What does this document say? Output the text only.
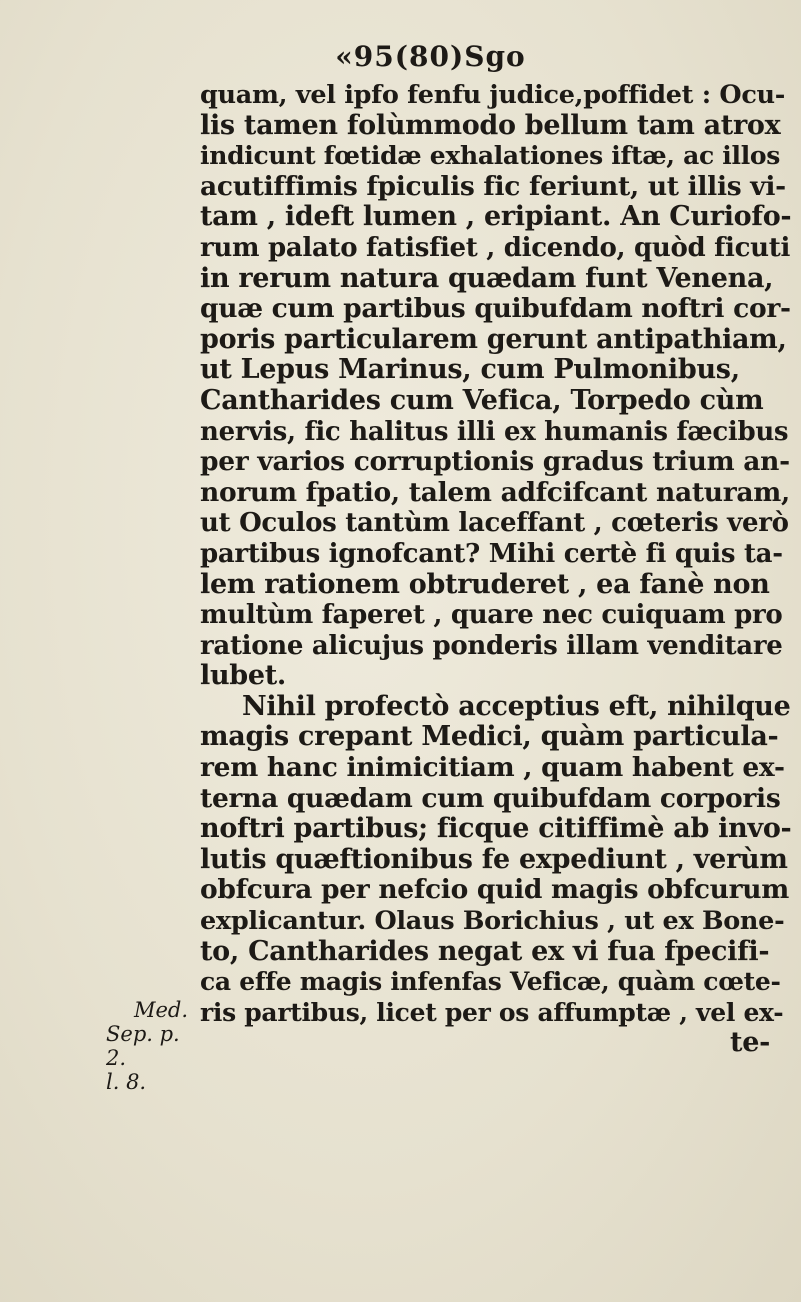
«95(80)Sgo
Med.
Sep. p. 2.
l. 8.
quam, vel ipfo fenfu judice,poffidet : Ocu-
lis tamen folùmmodo bellum tam atrox
indicunt fœtidæ exhalationes iftæ, ac illos
acutiffimis fpiculis fic feriunt, ut illis vi-
tam , ideft lumen , eripiant. An Curiofo-
rum palato fatisfiet , dicendo, quòd ficuti
in rerum natura quædam funt Venena,
quæ cum partibus quibufdam noftri cor-
poris particularem gerunt antipathiam,
ut Lepus Marinus, cum Pulmonibus,
Cantharides cum Vefica, Torpedo cùm
nervis, fic halitus illi ex humanis fæcibus
per varios corruptionis gradus trium an-
norum fpatio, talem adfcifcant naturam,
ut Oculos tantùm laceffant , cœteris verò
partibus ignofcant? Mihi certè fi quis ta-
lem rationem obtruderet , ea fanè non
multùm faperet , quare nec cuiquam pro
ratione alicujus ponderis illam venditare
lubet.
Nihil profectò acceptius eft, nihilque
magis crepant Medici, quàm particula-
rem hanc inimicitiam , quam habent ex-
terna quædam cum quibufdam corporis
noftri partibus; ficque citiffimè ab invo-
lutis quæftionibus fe expediunt , verùm
obfcura per nefcio quid magis obfcurum
explicantur. Olaus Borichius , ut ex Bone-
to, Cantharides negat ex vi fua fpecifi-
ca effe magis infenfas Veficæ, quàm cœte-
ris partibus, licet per os affumptæ , vel ex-
te-
